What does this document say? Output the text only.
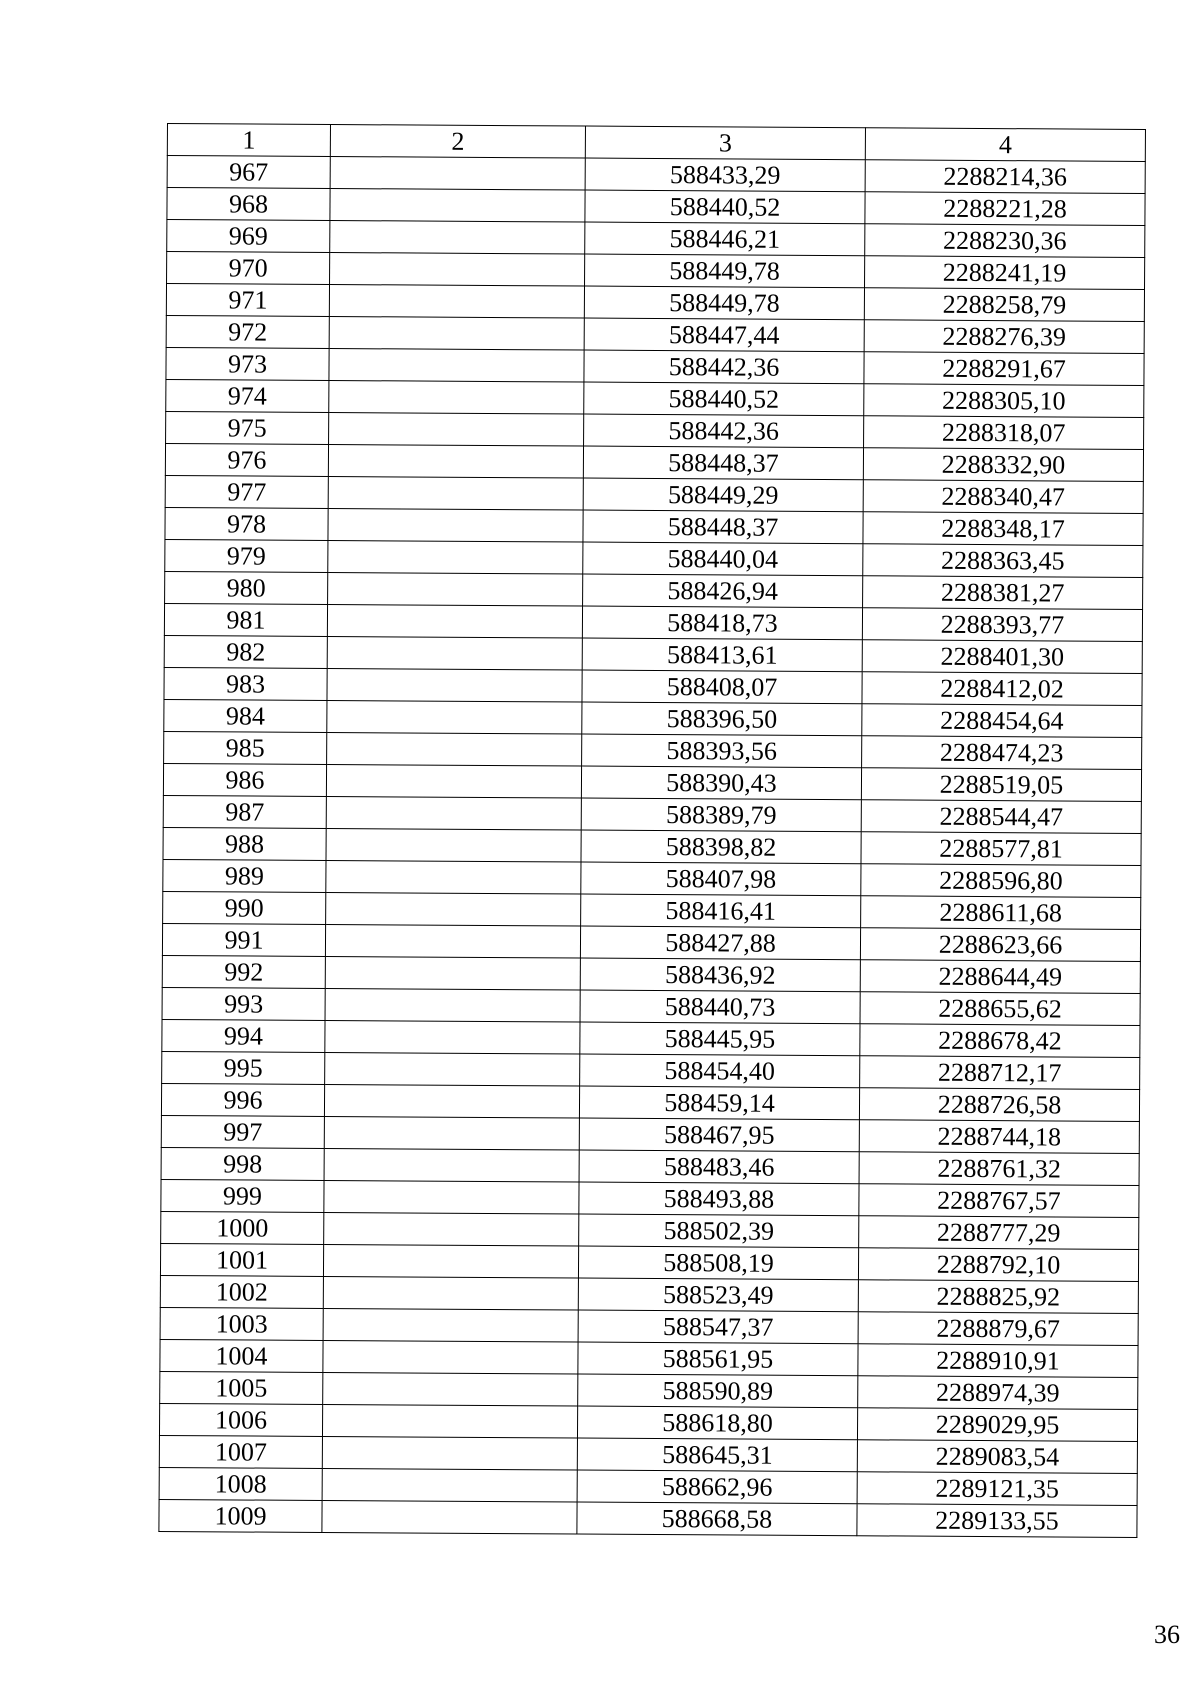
1	2	3	4
967		588433,29	2288214,36
968		588440,52	2288221,28
969		588446,21	2288230,36
970		588449,78	2288241,19
971		588449,78	2288258,79
972		588447,44	2288276,39
973		588442,36	2288291,67
974		588440,52	2288305,10
975		588442,36	2288318,07
976		588448,37	2288332,90
977		588449,29	2288340,47
978		588448,37	2288348,17
979		588440,04	2288363,45
980		588426,94	2288381,27
981		588418,73	2288393,77
982		588413,61	2288401,30
983		588408,07	2288412,02
984		588396,50	2288454,64
985		588393,56	2288474,23
986		588390,43	2288519,05
987		588389,79	2288544,47
988		588398,82	2288577,81
989		588407,98	2288596,80
990		588416,41	2288611,68
991		588427,88	2288623,66
992		588436,92	2288644,49
993		588440,73	2288655,62
994		588445,95	2288678,42
995		588454,40	2288712,17
996		588459,14	2288726,58
997		588467,95	2288744,18
998		588483,46	2288761,32
999		588493,88	2288767,57
1000		588502,39	2288777,29
1001		588508,19	2288792,10
1002		588523,49	2288825,92
1003		588547,37	2288879,67
1004		588561,95	2288910,91
1005		588590,89	2288974,39
1006		588618,80	2289029,95
1007		588645,31	2289083,54
1008		588662,96	2289121,35
1009		588668,58	2289133,55
36
